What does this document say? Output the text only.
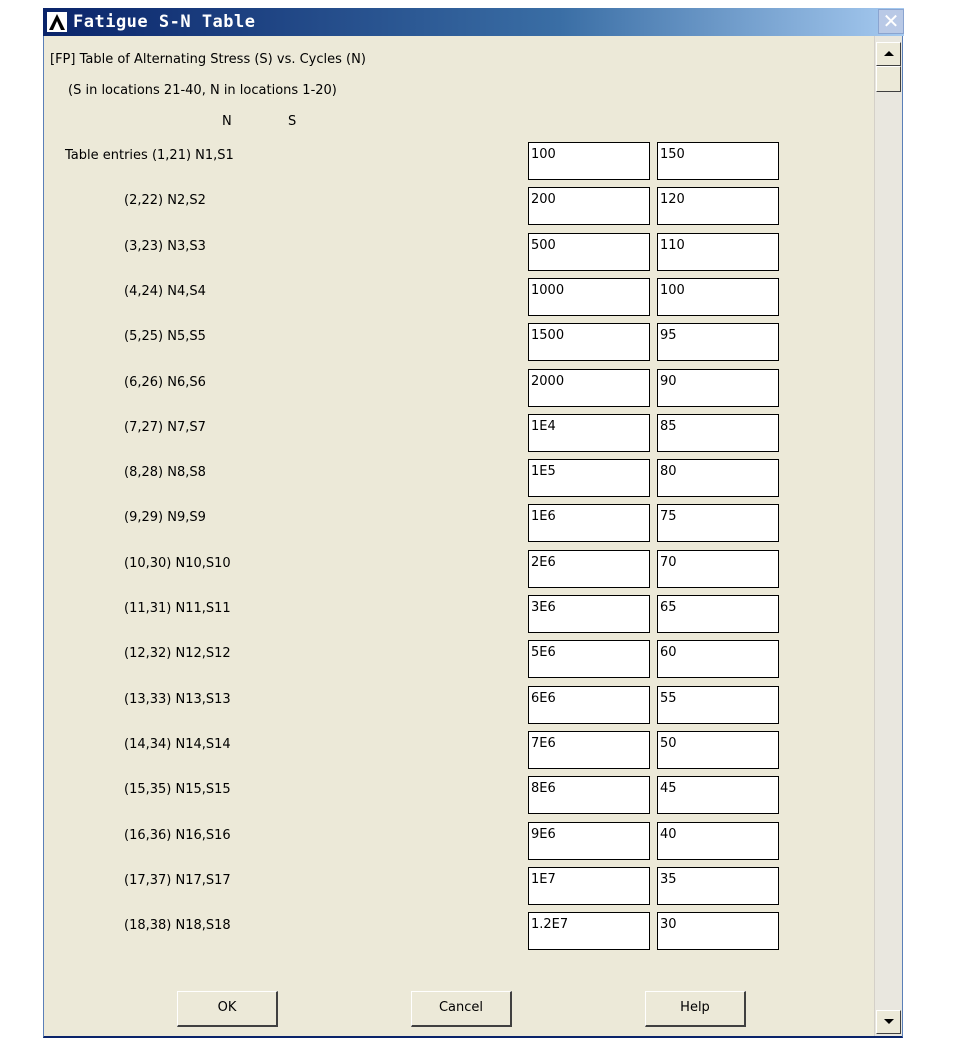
Fatigue S-N Table	✕
[FP] Table of Alternating Stress (S) vs. Cycles (N)
(S in locations 21-40, N in locations 1-20)
N	S
Table entries (1,21) N1,S1	100	150
(2,22) N2,S2	200	120
(3,23) N3,S3	500	110
(4,24) N4,S4	1000	100
(5,25) N5,S5	1500	95
(6,26) N6,S6	2000	90
(7,27) N7,S7	1E4	85
(8,28) N8,S8	1E5	80
(9,29) N9,S9	1E6	75
(10,30) N10,S10	2E6	70
(11,31) N11,S11	3E6	65
(12,32) N12,S12	5E6	60
(13,33) N13,S13	6E6	55
(14,34) N14,S14	7E6	50
(15,35) N15,S15	8E6	45
(16,36) N16,S16	9E6	40
(17,37) N17,S17	1E7	35
(18,38) N18,S18	1.2E7	30
OK	Cancel	Help
